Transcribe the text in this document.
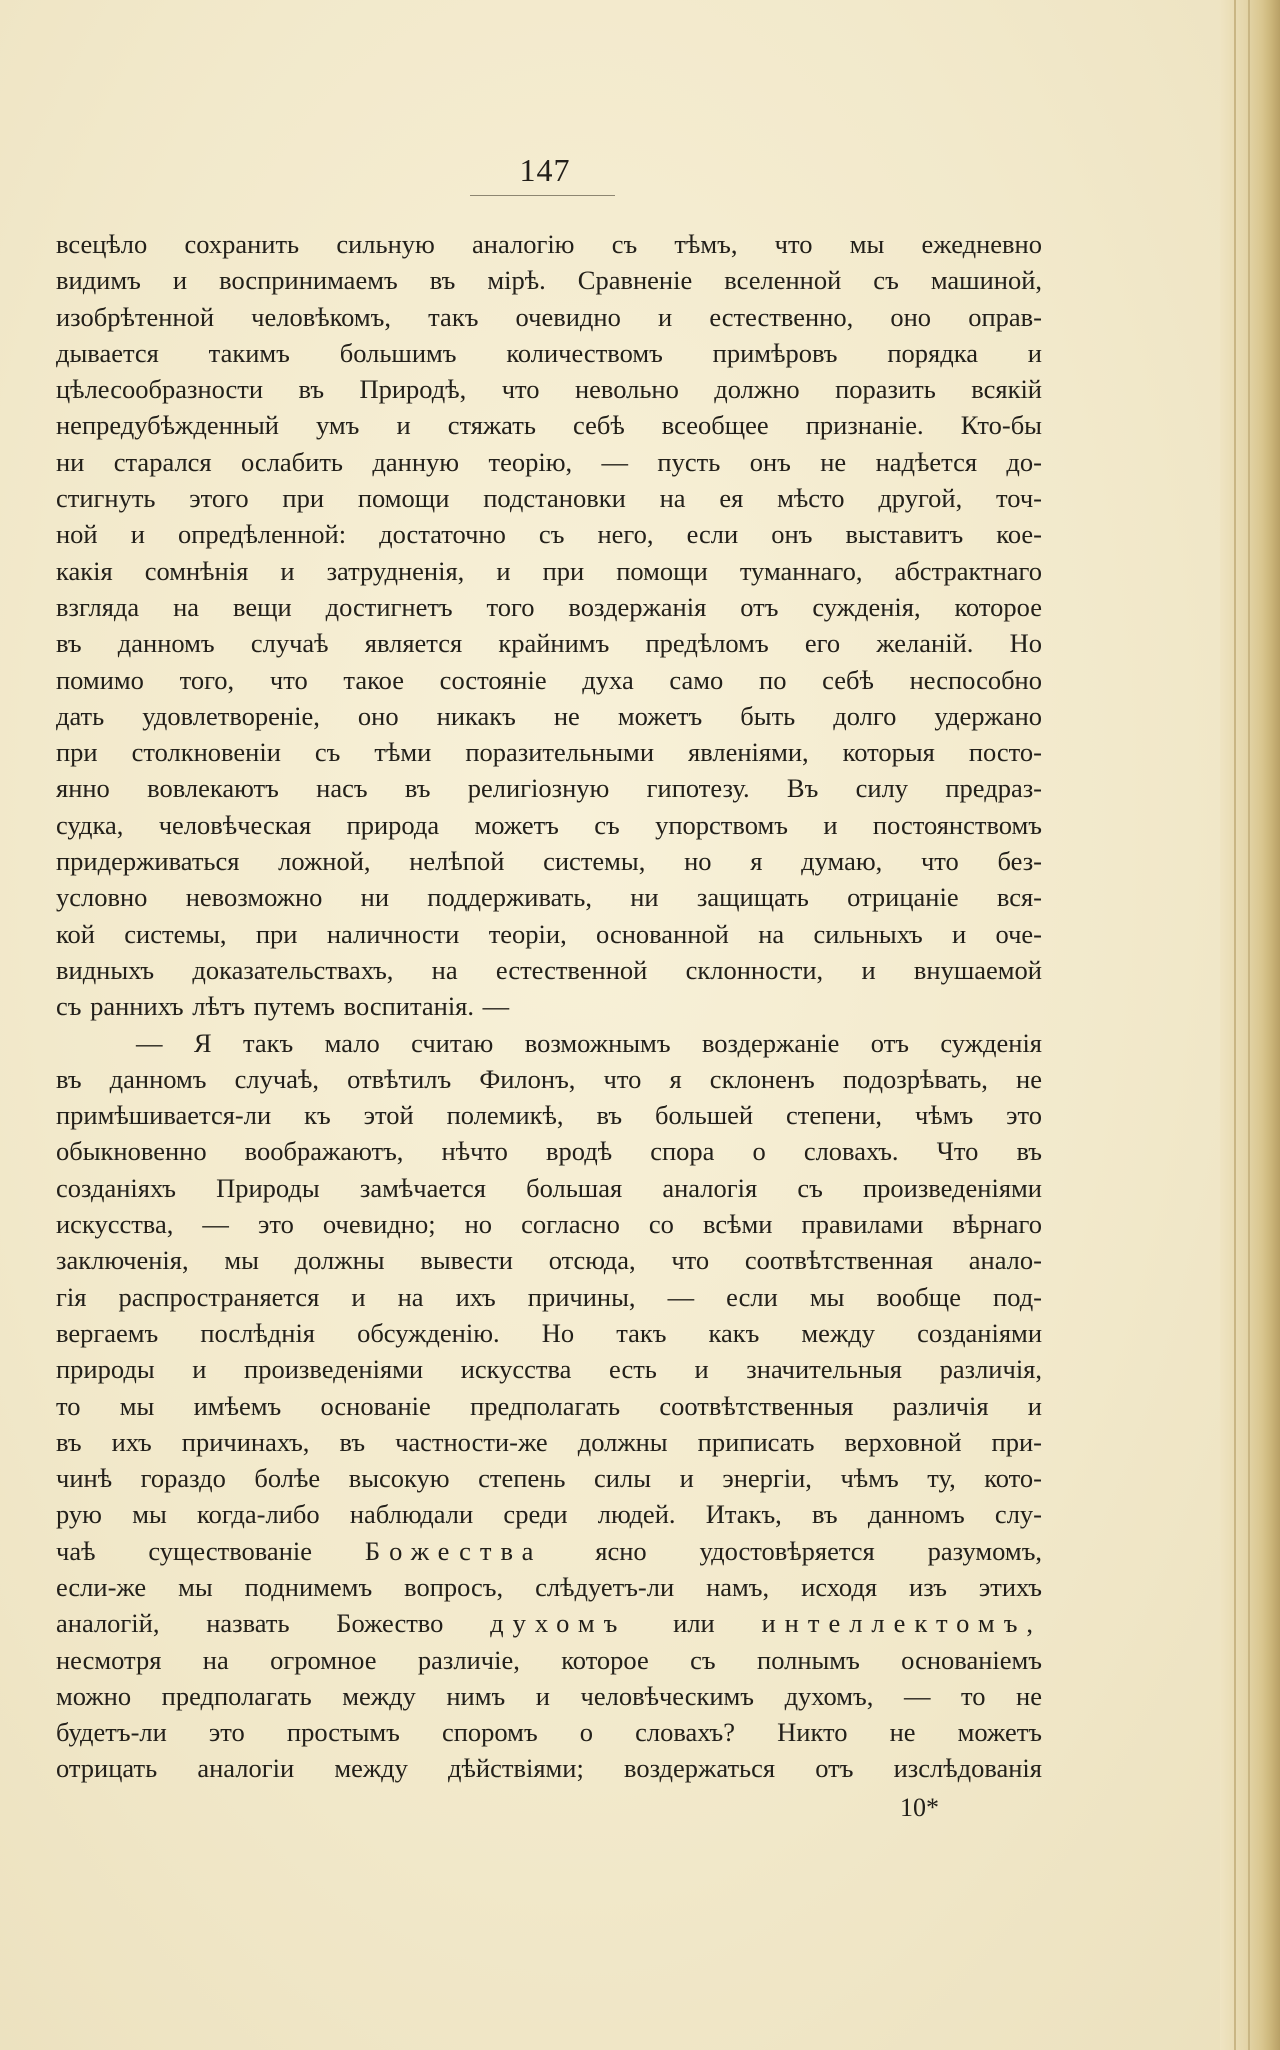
147
всецѣло сохранить сильную аналогію съ тѣмъ, что мы ежедневно
видимъ и воспринимаемъ въ мірѣ. Сравненіе вселенной съ машиной,
изобрѣтенной человѣкомъ, такъ очевидно и естественно, оно оправ-
дывается такимъ большимъ количествомъ примѣровъ порядка и
цѣлесообразности въ Природѣ, что невольно должно поразить всякій
непредубѣжденный умъ и стяжать себѣ всеобщее признаніе. Кто-бы
ни старался ослабить данную теорію, — пусть онъ не надѣется до-
стигнуть этого при помощи подстановки на ея мѣсто другой, точ-
ной и опредѣленной: достаточно съ него, если онъ выставитъ кое-
какія сомнѣнія и затрудненія, и при помощи туманнаго, абстрактнаго
взгляда на вещи достигнетъ того воздержанія отъ сужденія, которое
въ данномъ случаѣ является крайнимъ предѣломъ его желаній. Но
помимо того, что такое состояніе духа само по себѣ неспособно
дать удовлетвореніе, оно никакъ не можетъ быть долго удержано
при столкновеніи съ тѣми поразительными явленіями, которыя посто-
янно вовлекаютъ насъ въ религіозную гипотезу. Въ силу предраз-
судка, человѣческая природа можетъ съ упорствомъ и постоянствомъ
придерживаться ложной, нелѣпой системы, но я думаю, что без-
условно невозможно ни поддерживать, ни защищать отрицаніе вся-
кой системы, при наличности теоріи, основанной на сильныхъ и оче-
видныхъ доказательствахъ, на естественной склонности, и внушаемой
съ раннихъ лѣтъ путемъ воспитанія. —
— Я такъ мало считаю возможнымъ воздержаніе отъ сужденія
въ данномъ случаѣ, отвѣтилъ Филонъ, что я склоненъ подозрѣвать, не
примѣшивается-ли къ этой полемикѣ, въ большей степени, чѣмъ это
обыкновенно воображаютъ, нѣчто вродѣ спора о словахъ. Что въ
созданіяхъ Природы замѣчается большая аналогія съ произведеніями
искусства, — это очевидно; но согласно со всѣми правилами вѣрнаго
заключенія, мы должны вывести отсюда, что соотвѣтственная анало-
гія распространяется и на ихъ причины, — если мы вообще под-
вергаемъ послѣднія обсужденію. Но такъ какъ между созданіями
природы и произведеніями искусства есть и значительныя различія,
то мы имѣемъ основаніе предполагать соотвѣтственныя различія и
въ ихъ причинахъ, въ частности-же должны приписать верховной при-
чинѣ гораздо болѣе высокую степень силы и энергіи, чѣмъ ту, кото-
рую мы когда-либо наблюдали среди людей. Итакъ, въ данномъ слу-
чаѣ существованіе Божества ясно удостовѣряется разумомъ,
если-же мы поднимемъ вопросъ, слѣдуетъ-ли намъ, исходя изъ этихъ
аналогій, назвать Божество духомъ или интеллектомъ,
несмотря на огромное различіе, которое съ полнымъ основаніемъ
можно предполагать между нимъ и человѣческимъ духомъ, — то не
будетъ-ли это простымъ споромъ о словахъ? Никто не можетъ
отрицать аналогіи между дѣйствіями; воздержаться отъ изслѣдованія
10*
